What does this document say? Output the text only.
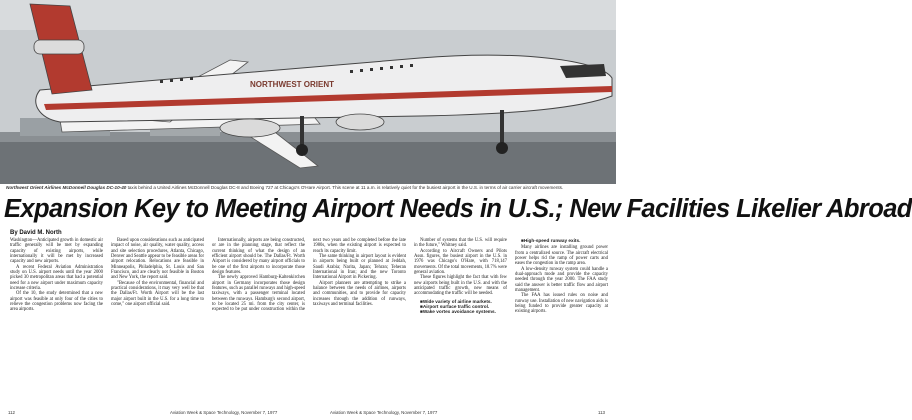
NORTHWEST ORIENT
Northwest Orient Airlines McDonnell Douglas DC-10-40 taxis behind a United Airlines McDonnell Douglas DC-8 and Boeing 727 at Chicago's O'Hare Airport. This scene at 11 a.m. is relatively quiet for the busiest airport in the U.S. in terms of air carrier aircraft movements.
Expansion Key to Meeting Airport Needs in U.S.; New Facilities Likelier Abroad
By David M. North

Washington—Anticipated growth in domestic air traffic generally will be met by expanding capacity of existing airports, while internationally it will be met by increased capacity and new airports.

A recent Federal Aviation Administration study on U.S. airport needs until the year 2000 picked 30 metropolitan areas that had a potential need for a new airport under maximum capacity increase criteria.

Of the 10, the study determined that a new airport was feasible at only four of the cities to relieve the congestion problems now facing the area airports.

Based upon considerations such as anticipated impact of noise, air quality, water quality, access and site selection procedures, Atlanta, Chicago, Denver and Seattle appear to be feasible areas for airport relocation. Relocations are feasible in Minneapolis, Philadelphia, St. Louis and San Francisco, and are clearly not feasible in Boston and New York, the report said.

"Because of the environmental, financial and practical considerations, it may very well be that the Dallas/Ft. Worth Airport will be the last major airport built in the U.S. for a long time to come," one airport official said.

Internationally, airports are being constructed, or are in the planning stage, that reflect the current thinking of what the design of an efficient airport should be. The Dallas/Ft. Worth Airport is considered by many airport officials to be one of the first airports to incorporate those design features.

The newly approved Hamburg-Kaltenkirchen airport in Germany incorporates those design features, such as parallel runways and high-speed taxiways, with a passenger terminal located between the runways. Hamburg's second airport, to be located 25 mi. from the city center, is expected to be put under construction within the next two years and be completed before the late 1980s, when the existing airport is expected to reach its capacity limit.

The same thinking in airport layout is evident in airports being built or planned at Jeddah, Saudi Arabia; Narita, Japan; Tehran; Teheran International in Iran; and the new Toronto International Airport in Pickering.

Airport planners are attempting to strike a balance between the needs of airlines, airports and communities, and to provide for capacity increases through the addition of runways, taxiways and terminal facilities.

Number of systems that the U.S. will require in the future," Whitney said.

According to Aircraft Owners and Pilots Assn. figures, the busiest airport in the U.S. in 1976 was Chicago's O'Hare, with 718,147 movements. Of the total movements, 18.7% were general aviation.

These figures highlight the fact that with few new airports being built in the U.S. and with the anticipated traffic growth, new means of accommodating the traffic will be needed.

■ Wide variety of airline markets.
■ Airport surface traffic control.
■ Wake vortex avoidance systems.
■ High-speed runway exits.

Many airlines are installing ground power from a centralized source. The aircraft electrical power helps rid the ramp of power carts and eases the congestion in the ramp area.

A low-density runway system could handle a dual-approach mode and provide the capacity needed through the year 2000. The FAA study said the answer is better traffic flow and airport management.

The FAA has issued rules on noise and runway use. Installation of new navigation aids is being funded to provide greater capacity at existing airports.

112	Aviation Week & Space Technology, November 7, 1977	Aviation Week & Space Technology, November 7, 1977	113
